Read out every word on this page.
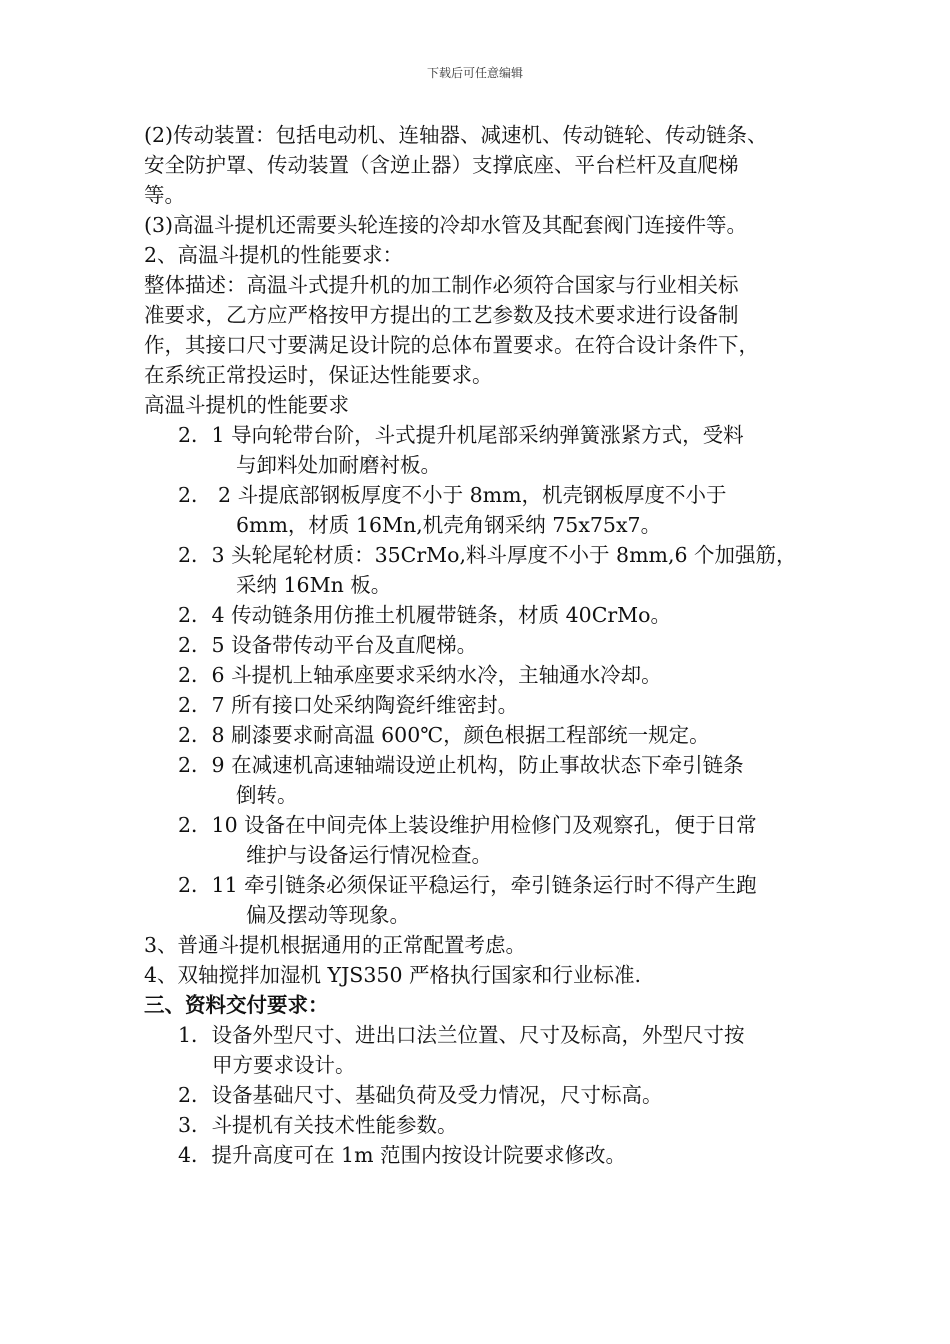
下载后可任意编辑
(2)传动装置：包括电动机、连轴器、减速机、传动链轮、传动链条、
安全防护罩、传动装置（含逆止器）支撑底座、平台栏杆及直爬梯
等。
(3)高温斗提机还需要头轮连接的冷却水管及其配套阀门连接件等。
2、高温斗提机的性能要求：
整体描述：高温斗式提升机的加工制作必须符合国家与行业相关标
准要求，乙方应严格按甲方提出的工艺参数及技术要求进行设备制
作，其接口尺寸要满足设计院的总体布置要求。在符合设计条件下，
在系统正常投运时，保证达性能要求。
高温斗提机的性能要求
2．1 导向轮带台阶，斗式提升机尾部采纳弹簧涨紧方式，受料
与卸料处加耐磨衬板。
2． 2 斗提底部钢板厚度不小于 8mm，机壳钢板厚度不小于
6mm，材质 16Mn,机壳角钢采纳 75x75x7。
2．3 头轮尾轮材质：35CrMo,料斗厚度不小于 8mm,6 个加强筋，
采纳 16Mn 板。
2．4 传动链条用仿推土机履带链条，材质 40CrMo。
2．5 设备带传动平台及直爬梯。
2．6 斗提机上轴承座要求采纳水冷，主轴通水冷却。
2．7 所有接口处采纳陶瓷纤维密封。
2．8 刷漆要求耐高温 600℃，颜色根据工程部统一规定。
2．9 在减速机高速轴端设逆止机构，防止事故状态下牵引链条
倒转。
2．10 设备在中间壳体上装设维护用检修门及观察孔，便于日常
维护与设备运行情况检查。
2．11 牵引链条必须保证平稳运行，牵引链条运行时不得产生跑
偏及摆动等现象。
3、普通斗提机根据通用的正常配置考虑。
4、双轴搅拌加湿机 YJS350 严格执行国家和行业标准.
三、资料交付要求：
1．设备外型尺寸、进出口法兰位置、尺寸及标高，外型尺寸按
甲方要求设计。
2．设备基础尺寸、基础负荷及受力情况，尺寸标高。
3．斗提机有关技术性能参数。
4．提升高度可在 1m 范围内按设计院要求修改。
